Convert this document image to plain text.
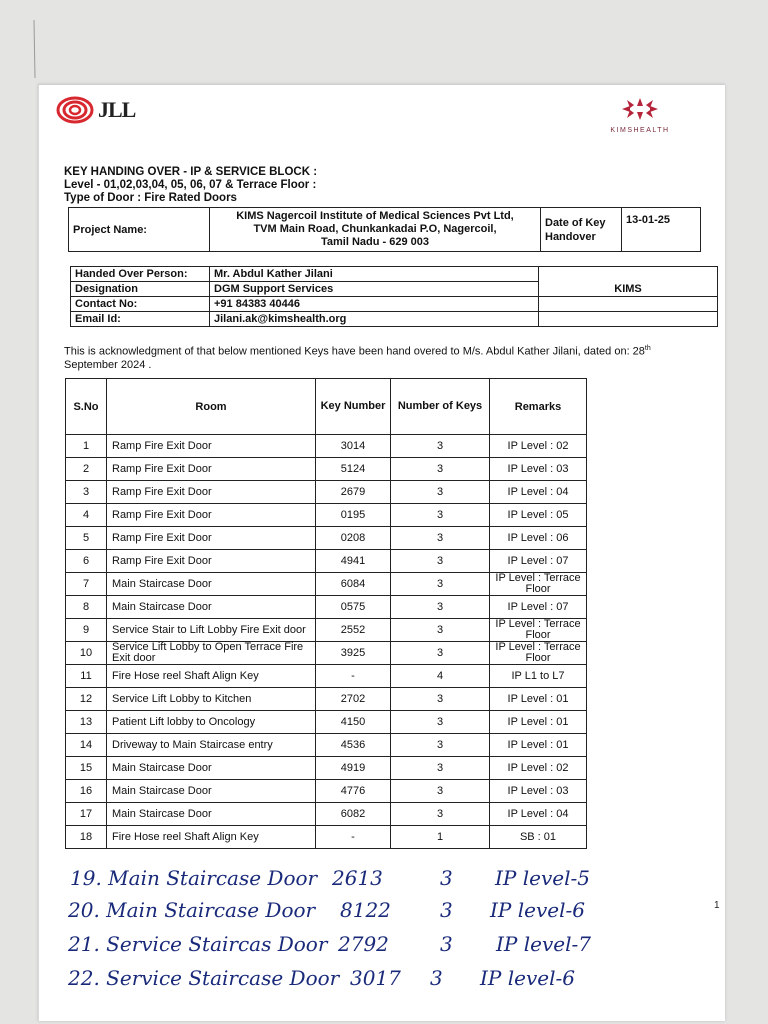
JLL
KIMSHEALTH
KEY HANDING OVER - IP & SERVICE BLOCK :
Level - 01,02,03,04, 05, 06, 07 & Terrace Floor :
Type of Door : Fire Rated Doors
Project Name:	
KIMS Nagercoil Institute of Medical Sciences Pvt Ltd,
TVM Main Road, Chunkankadai P.O, Nagercoil,
Tamil Nadu - 629 003

Date of Key
Handover
	13-01-25
Handed Over Person:	Mr. Abdul Kather Jilani	
Designation	DGM Support Services	KIMS
Contact No:	+91 84383 40446	
Email Id:	Jilani.ak@kimshealth.org	
This is acknowledgment of that below mentioned Keys have been hand overed to M/s. Abdul Kather Jilani, dated on: 28th
September 2024 .
S.No	Room	Key Number	Number of Keys	Remarks
1	Ramp Fire Exit Door	3014	3	IP Level : 02
2	Ramp Fire Exit Door	5124	3	IP Level : 03
3	Ramp Fire Exit Door	2679	3	IP Level : 04
4	Ramp Fire Exit Door	0195	3	IP Level : 05
5	Ramp Fire Exit Door	0208	3	IP Level : 06
6	Ramp Fire Exit Door	4941	3	IP Level : 07
7	Main Staircase Door	6084	3	IP Level : Terrace Floor
8	Main Staircase Door	0575	3	IP Level : 07
9	Service Stair to Lift Lobby Fire Exit door	2552	3	IP Level : Terrace Floor
10	Service Lift Lobby to Open Terrace Fire Exit door	3925	3	IP Level : Terrace Floor
11	Fire Hose reel Shaft Align Key	-	4	IP L1 to L7
12	Service Lift Lobby to Kitchen	2702	3	IP Level : 01
13	Patient Lift lobby to Oncology	4150	3	IP Level : 01
14	Driveway to Main Staircase entry	4536	3	IP Level : 01
15	Main Staircase Door	4919	3	IP Level : 02
16	Main Staircase Door	4776	3	IP Level : 03
17	Main Staircase Door	6082	3	IP Level : 04
18	Fire Hose reel Shaft Align Key	-	1	SB : 01
19. Main Staircase Door 2613	3 IP level-5
20. Main Staircase Door 8122 3 IP level-6
21. Service Staircas Door 2792	3 IP level-7
22. Service Staircase Door 3017 3 IP level-6
1
